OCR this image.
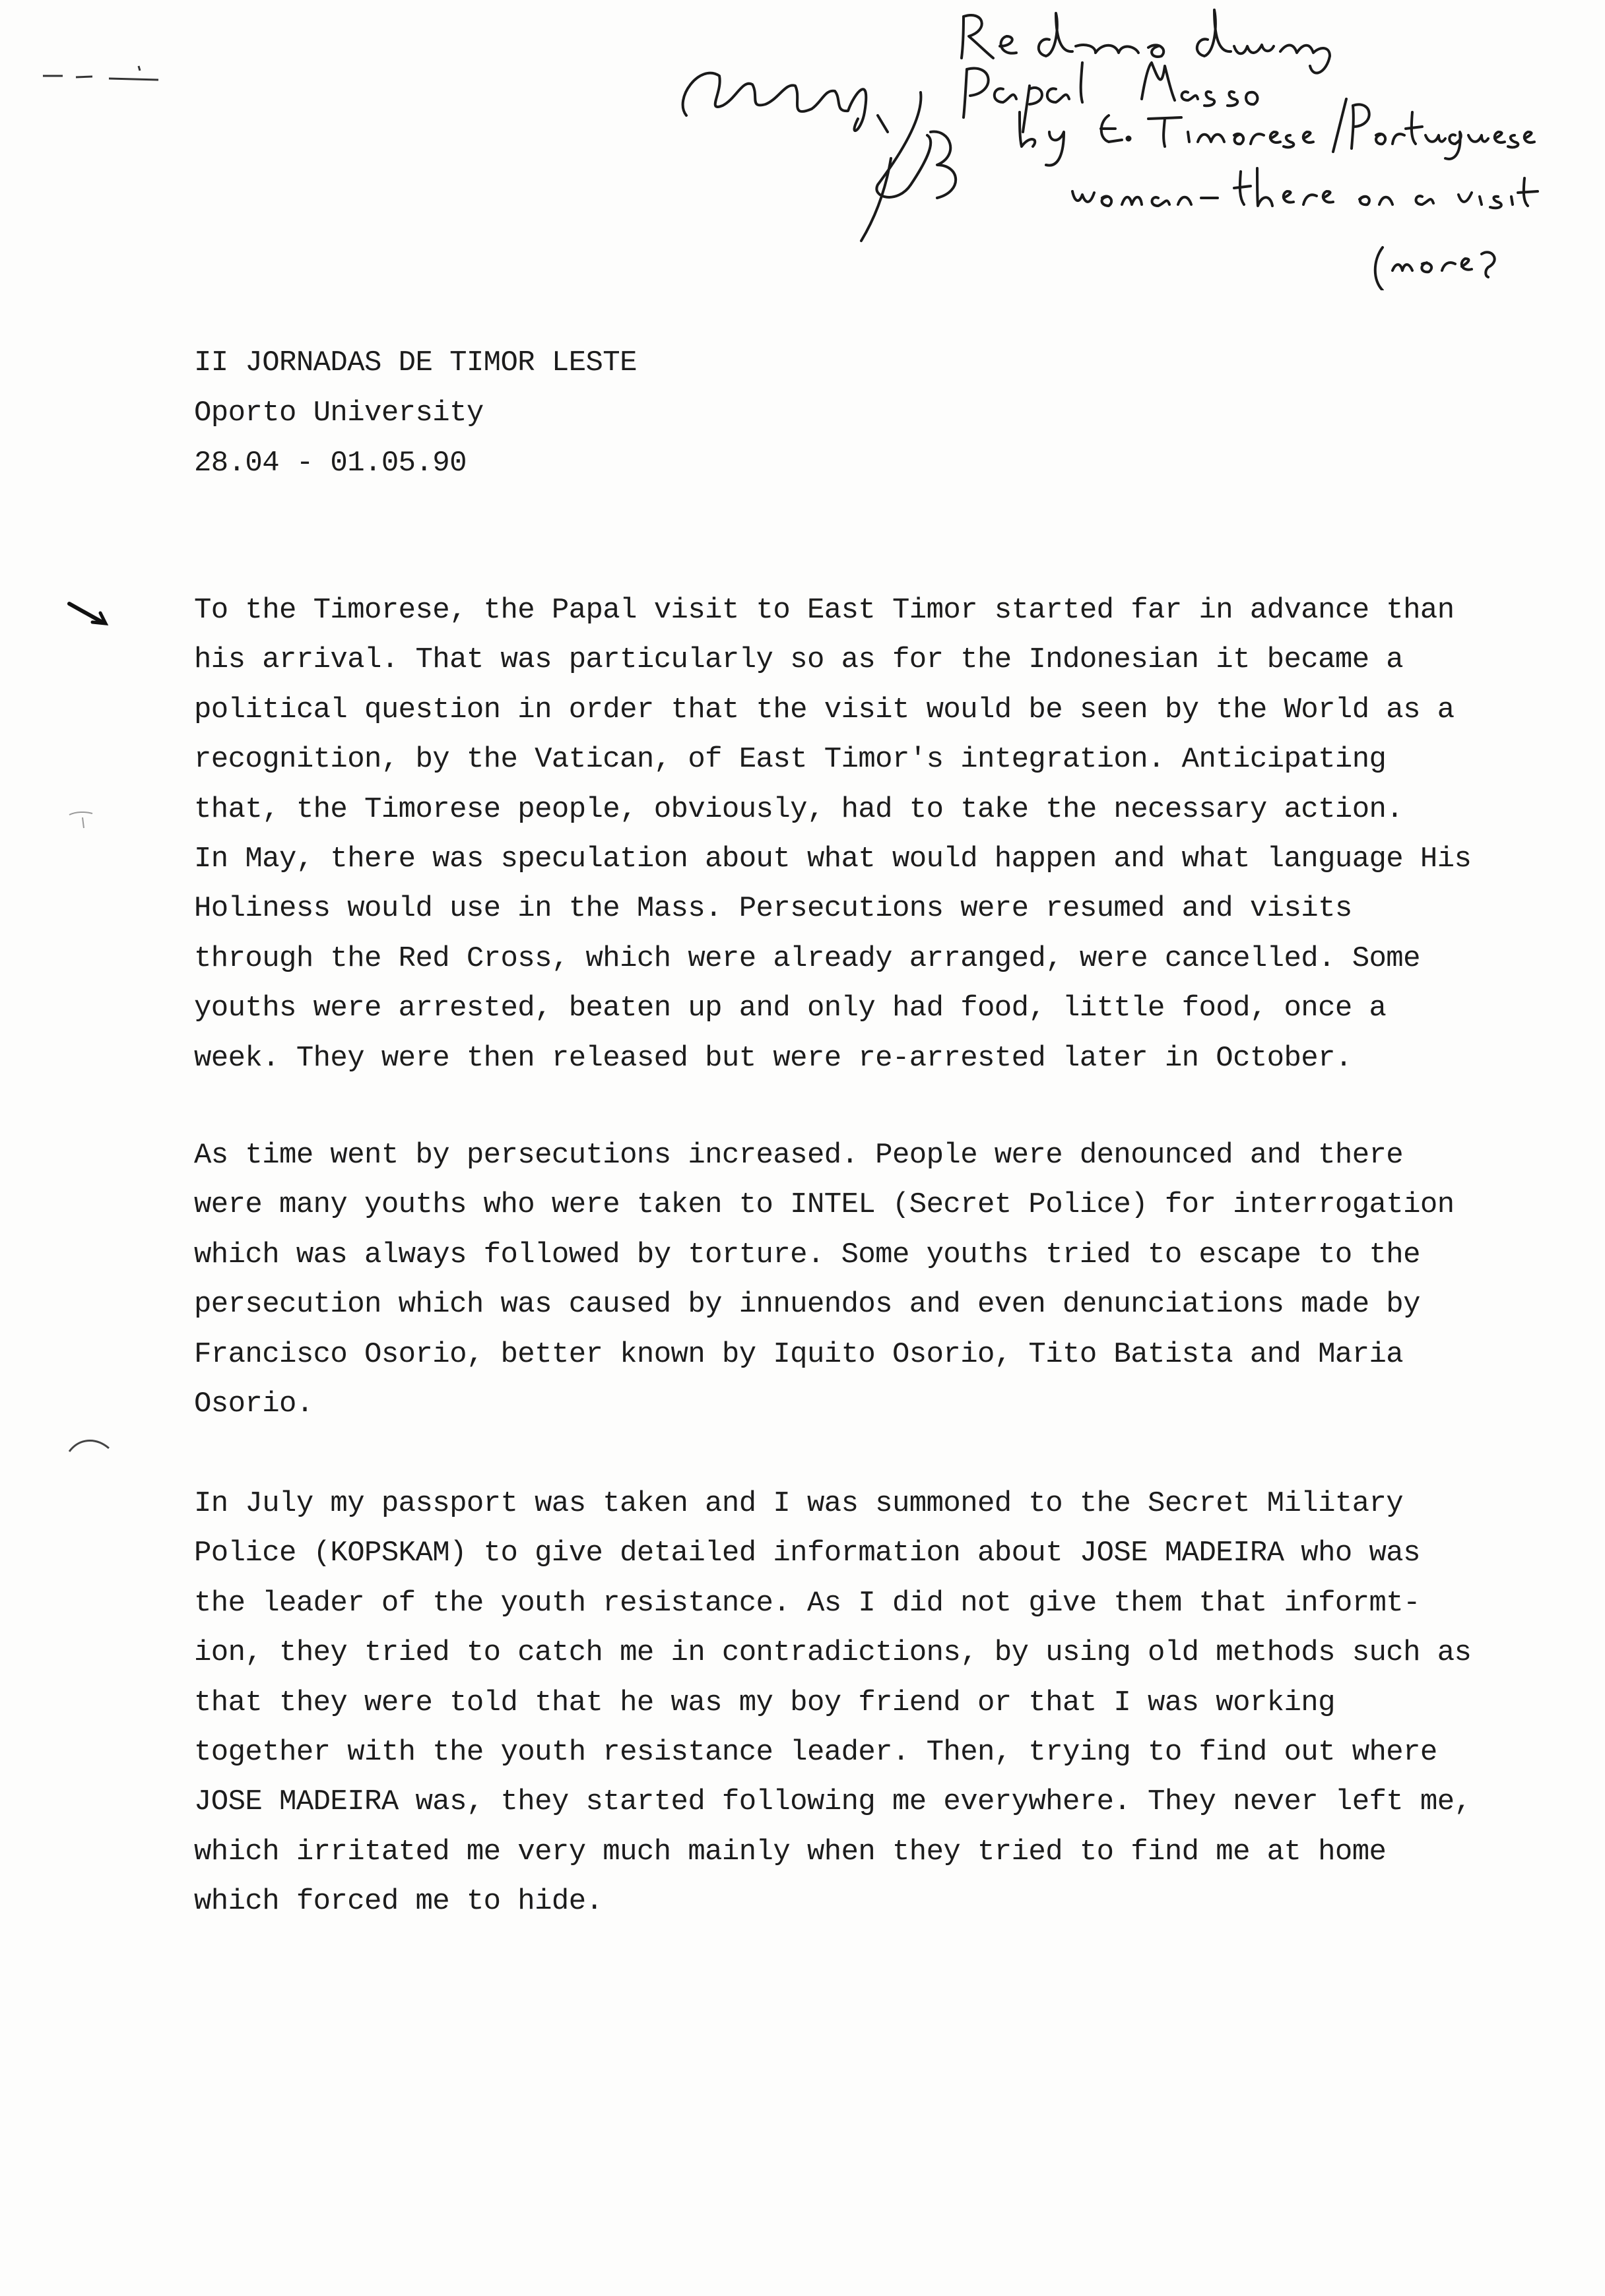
II JORNADAS DE TIMOR LESTE
Oporto University
28.04 - 01.05.90
To the Timorese, the Papal visit to East Timor started far in advance than
his arrival. That was particularly so as for the Indonesian it became a
political question in order that the visit would be seen by the World as a
recognition, by the Vatican, of East Timor's integration. Anticipating
that, the Timorese people, obviously, had to take the necessary action.
In May, there was speculation about what would happen and what language His
Holiness would use in the Mass. Persecutions were resumed and visits
through the Red Cross, which were already arranged, were cancelled. Some
youths were arrested, beaten up and only had food, little food, once a
week. They were then released but were re-arrested later in October.
As time went by persecutions increased. People were denounced and there
were many youths who were taken to INTEL (Secret Police) for interrogation
which was always followed by torture. Some youths tried to escape to the
persecution which was caused by innuendos and even denunciations made by
Francisco Osorio, better known by Iquito Osorio, Tito Batista and Maria
Osorio.
In July my passport was taken and I was summoned to the Secret Military
Police (KOPSKAM) to give detailed information about JOSE MADEIRA who was
the leader of the youth resistance. As I did not give them that informt-
ion, they tried to catch me in contradictions, by using old methods such as
that they were told that he was my boy friend or that I was working
together with the youth resistance leader. Then, trying to find out where
JOSE MADEIRA was, they started following me everywhere. They never left me,
which irritated me very much mainly when they tried to find me at home
which forced me to hide.
